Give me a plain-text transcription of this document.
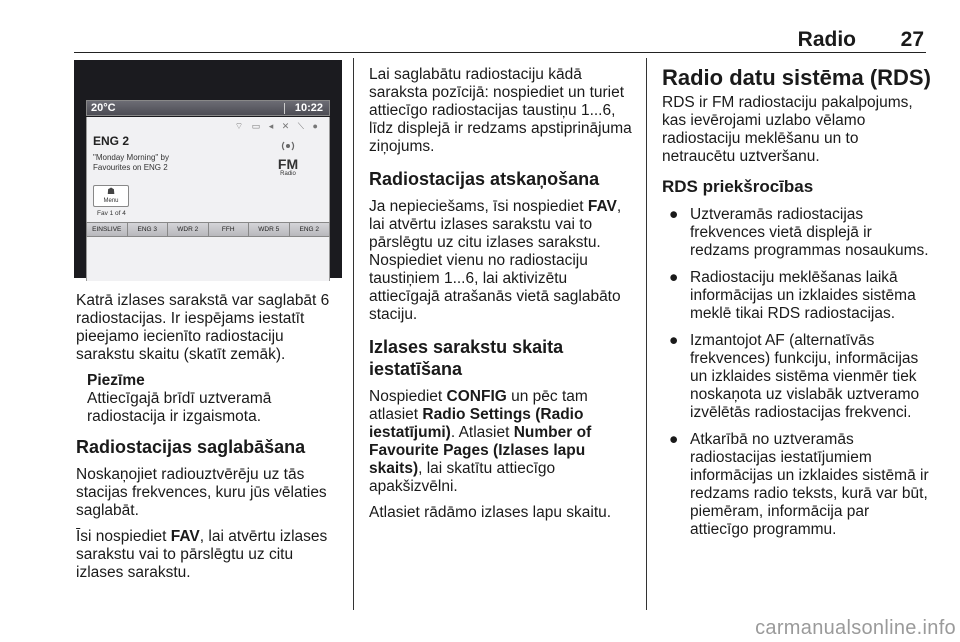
Radio 27
20°C	10:22
⌔ ▭ ◂ ✕ ⟍ ●
ENG 2
"Monday Morning" by
Favourites on ENG 2	FM
Radio
☗
Menu
Fav 1 of 4
EINSLIVE	ENG 3	WDR 2	FFH	WDR 5	ENG 2

Katrā izlases sarakstā var saglabāt 6 radiostacijas. Ir iespējams iestatīt pieejamo iecienīto radiostaciju sarakstu skaitu (skatīt zemāk).

Piezīme
Attiecīgajā brīdī uztveramā radiostacija ir izgaismota.
Radiostacijas saglabāšana

Noskaņojiet radiouztvērēju uz tās stacijas frekvences, kuru jūs vēlaties saglabāt.

Īsi nospiediet FAV, lai atvērtu izlases sarakstu vai to pārslēgtu uz citu izlases sarakstu.

Lai saglabātu radiostaciju kādā saraksta pozīcijā: nospiediet un turiet attiecīgo radiostacijas taustiņu 1...6, līdz displejā ir redzams apstiprinājuma ziņojums.

Radiostacijas atskaņošana

Ja nepieciešams, īsi nospiediet FAV, lai atvērtu izlases sarakstu vai to pārslēgtu uz citu izlases sarakstu. Nospiediet vienu no radiostaciju taustiņiem 1...6, lai aktivizētu attiecīgajā atrašanās vietā saglabāto staciju.

Izlases sarakstu skaita
iestatīšana

Nospiediet CONFIG un pēc tam atlasiet Radio Settings (Radio iestatījumi). Atlasiet Number of Favourite Pages (Izlases lapu skaits), lai skatītu attiecīgo apakšizvēlni.

Atlasiet rādāmo izlases lapu skaitu.

Radio datu sistēma (RDS)

RDS ir FM radiostaciju pakalpojums, kas ievērojami uzlabo vēlamo radiostaciju meklēšanu un to netraucētu uztveršanu.

RDS priekšrocības
● Uztveramās radiostacijas frekvences vietā displejā ir redzams programmas nosaukums.
● Radiostaciju meklēšanas laikā informācijas un izklaides sistēma meklē tikai RDS radiostacijas.
● Izmantojot AF (alternatīvās frekvences) funkciju, informācijas un izklaides sistēma vienmēr tiek noskaņota uz vislabāk uztveramo izvēlētās radiostacijas frekvenci.
● Atkarībā no uztveramās radiostacijas iestatījumiem informācijas un izklaides sistēmā ir redzams radio teksts, kurā var būt, piemēram, informācija par attiecīgo programmu.
carmanualsonline.info
